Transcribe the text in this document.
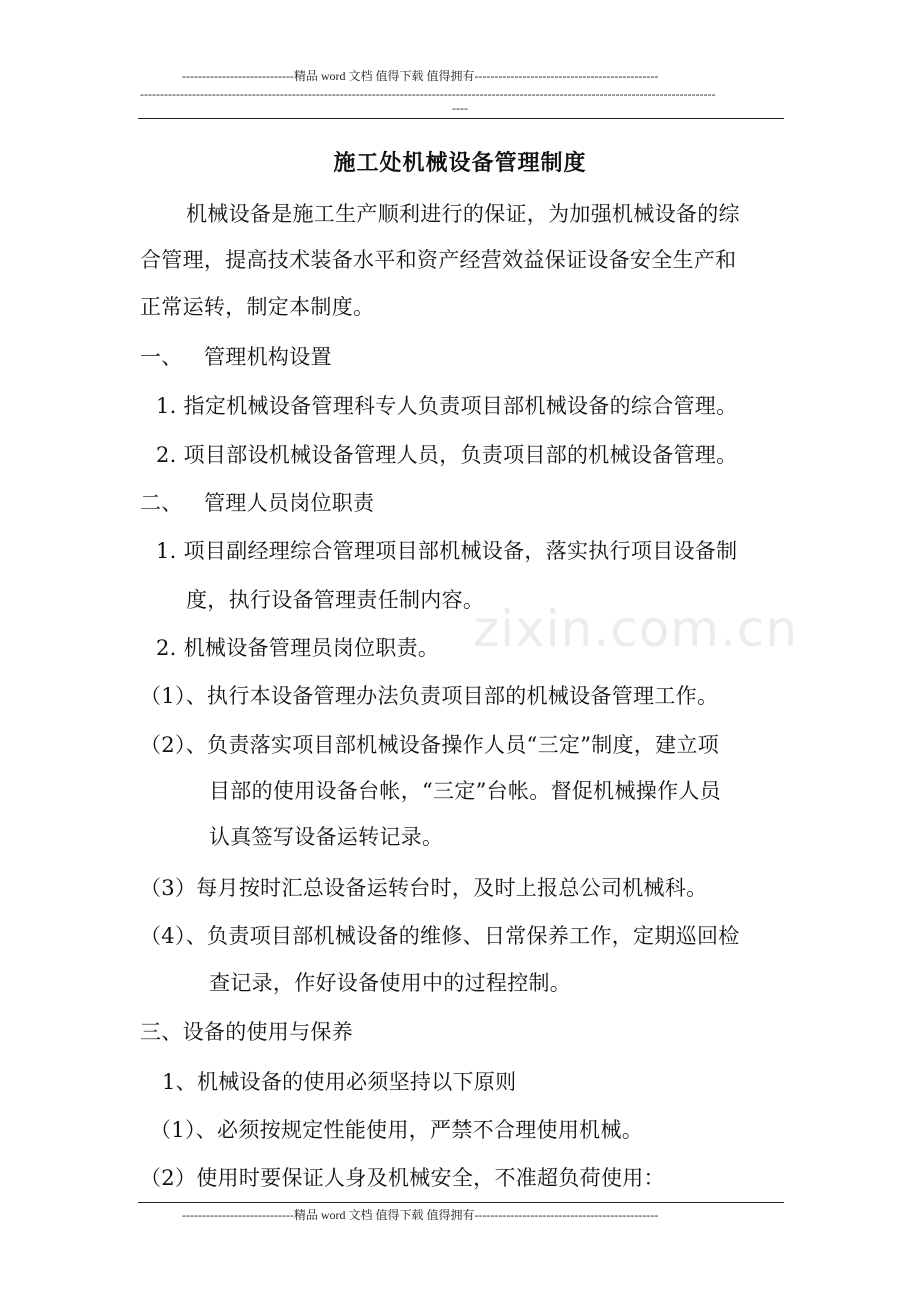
----------------------------精品 word 文档 值得下载 值得拥有----------------------------------------------
------------------------------------------------------------------------------------------------------------------------------------------------
----
zixin.com.cn
施工处机械设备管理制度
机械设备是施工生产顺利进行的保证，为加强机械设备的综
合管理，提高技术装备水平和资产经营效益保证设备安全生产和
正常运转，制定本制度。
一、 管理机构设置
1. 指定机械设备管理科专人负责项目部机械设备的综合管理。
2. 项目部设机械设备管理人员，负责项目部的机械设备管理。
二、 管理人员岗位职责
1. 项目副经理综合管理项目部机械设备，落实执行项目设备制
度，执行设备管理责任制内容。
2. 机械设备管理员岗位职责。
（1）、执行本设备管理办法负责项目部的机械设备管理工作。
（2）、负责落实项目部机械设备操作人员“三定”制度，建立项
目部的使用设备台帐，“三定”台帐。督促机械操作人员
认真签写设备运转记录。
（3）每月按时汇总设备运转台时，及时上报总公司机械科。
（4）、负责项目部机械设备的维修、日常保养工作，定期巡回检
查记录，作好设备使用中的过程控制。
三、设备的使用与保养
1、机械设备的使用必须坚持以下原则
（1）、必须按规定性能使用，严禁不合理使用机械。
（2）使用时要保证人身及机械安全，不准超负荷使用：
----------------------------精品 word 文档 值得下载 值得拥有----------------------------------------------
